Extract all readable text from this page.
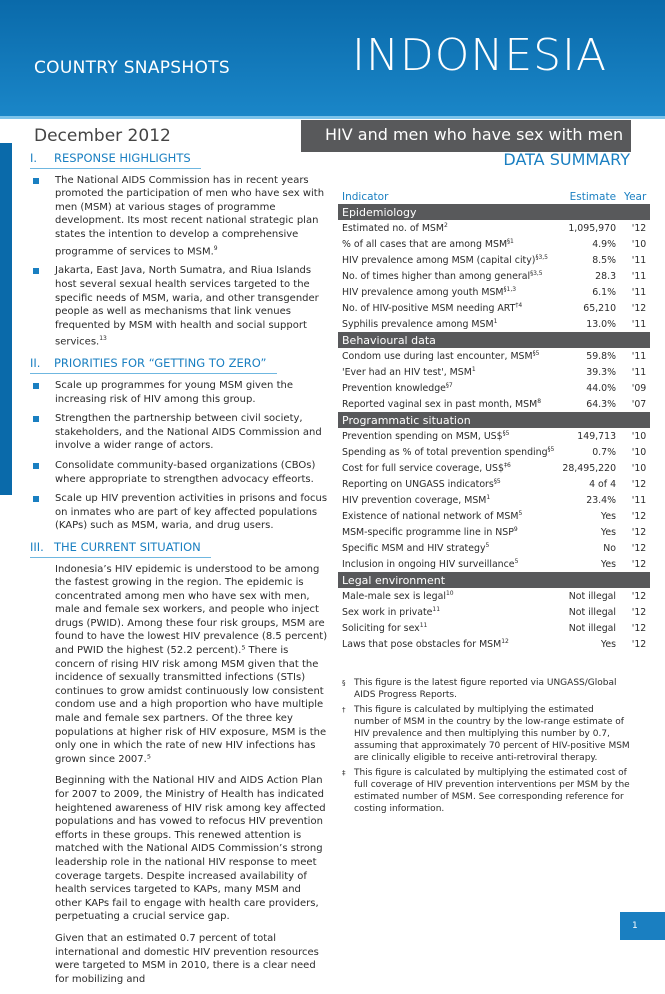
COUNTRY SNAPSHOTS	INDONESIA
December 2012	HIV and men who have sex with men
I. RESPONSE HIGHLIGHTS
The National AIDS Commission has in recent years promoted the participation of men who have sex with men (MSM) at various stages of programme development. Its most recent national strategic plan states the intention to develop a comprehensive programme of services to MSM.$^9$
Jakarta, East Java, North Sumatra, and Riua Islands host several sexual health services targeted to the specific needs of MSM, waria, and other transgender people as well as mechanisms that link venues frequented by MSM with health and social support services.$^{13}$
II. PRIORITIES FOR “GETTING TO ZERO”
Scale up programmes for young MSM given the increasing risk of HIV among this group.
Strengthen the partnership between civil society, stakeholders, and the National AIDS Commission and involve a wider range of actors.
Consolidate community-based organizations (CBOs) where appropriate to strengthen advocacy effeorts.
Scale up HIV prevention activities in prisons and focus on inmates who are part of key affected populations (KAPs) such as MSM, waria, and drug users.
III. THE CURRENT SITUATION

Indonesia’s HIV epidemic is understood to be among the fastest growing in the region. The epidemic is concentrated among men who have sex with men, male and female sex workers, and people who inject drugs (PWID). Among these four risk groups, MSM are found to have the lowest HIV prevalence (8.5 percent) and PWID the highest (52.2 percent).⁵ There is concern of rising HIV risk among MSM given that the incidence of sexually transmitted infections (STIs) continues to grow amidst continuously low consistent condom use and a high proportion who have multiple male and female sex partners. Of the three key populations at higher risk of HIV exposure, MSM is the only one in which the rate of new HIV infections has grown since 2007.⁵

Beginning with the National HIV and AIDS Action Plan for 2007 to 2009, the Ministry of Health has indicated heightened awareness of HIV risk among key affected populations and has vowed to refocus HIV prevention efforts in these groups. This renewed attention is matched with the National AIDS Commission’s strong leadership role in the national HIV response to meet coverage targets. Despite increased availability of health services targeted to KAPs, many MSM and other KAPs fail to engage with health care providers, perpetuating a crucial service gap.

Given that an estimated 0.7 percent of total international and domestic HIV prevention resources were targeted to MSM in 2010, there is a clear need for mobilizing and

DATA SUMMARY
Indicator	Estimate	Year
Epidemiology		
Estimated no. of MSM$^2$	1,095,970	'12
% of all cases that are among MSM$^{\S 1}$	4.9%	'10
HIV prevalence among MSM (capital city)$^{\S 3,5}$	8.5%	'11
No. of times higher than among general$^{\S 3,5}$	28.3	'11
HIV prevalence among youth MSM$^{\S 1,3}$	6.1%	'11
No. of HIV-positive MSM needing ART$^{\dagger 4}$	65,210	'12
Syphilis prevalence among MSM$^1$	13.0%	'11
Behavioural data		
Condom use during last encounter, MSM$^{\S 5}$	59.8%	'11
'Ever had an HIV test', MSM$^1$	39.3%	'11
Prevention knowledge$^{\S 7}$	44.0%	'09
Reported vaginal sex in past month, MSM$^8$	64.3%	'07
Programmatic situation		
Prevention spending on MSM, US\$$^{\S 5}$	149,713	'10
Spending as % of total prevention spending$^{\S 5}$	0.7%	'10
Cost for full service coverage, US\$$^{\ddagger 6}$	28,495,220	'10
Reporting on UNGASS indicators$^{\S 5}$	4 of 4	'12
HIV prevention coverage, MSM$^1$	23.4%	'11
Existence of national network of MSM$^5$	Yes	'12
MSM-specific programme line in NSP$^9$	Yes	'12
Specific MSM and HIV strategy$^5$	No	'12
Inclusion in ongoing HIV surveillance$^5$	Yes	'12
Legal environment		
Male-male sex is legal$^{10}$	Not illegal	'12
Sex work in private$^{11}$	Not illegal	'12
Soliciting for sex$^{11}$	Not illegal	'12
Laws that pose obstacles for MSM$^{12}$	Yes	'12
§ This figure is the latest figure reported via UNGASS/Global AIDS Progress Reports.
† This figure is calculated by multiplying the estimated number of MSM in the country by the low-range estimate of HIV prevalence and then multiplying this number by 0.7, assuming that approximately 70 percent of HIV-positive MSM are clinically eligible to receive anti-retroviral therapy.
‡ This figure is calculated by multiplying the estimated cost of full coverage of HIV prevention interventions per MSM by the estimated number of MSM. See corresponding reference for costing information.
1
